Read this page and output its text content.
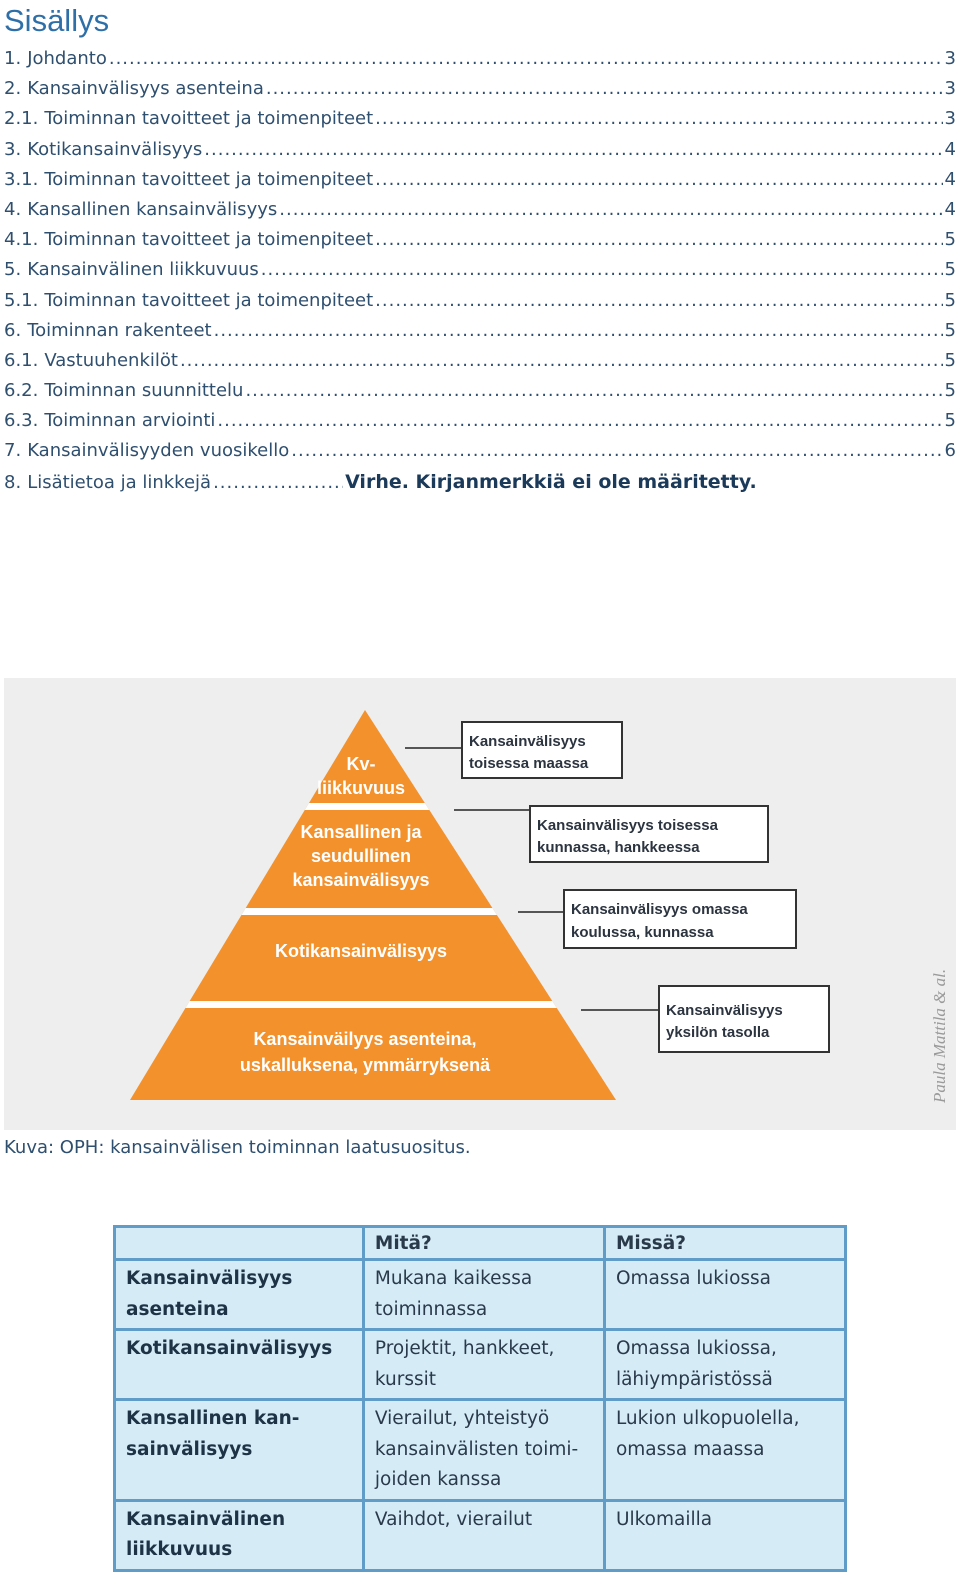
Sisällys
1. Johdanto .....	3
2. Kansainvälisyys asenteina .....	3
2.1. Toiminnan tavoitteet ja toimenpiteet .....	3
3. Kotikansainvälisyys .....	4
3.1. Toiminnan tavoitteet ja toimenpiteet .....	4
4. Kansallinen kansainvälisyys .....	4
4.1. Toiminnan tavoitteet ja toimenpiteet .....	5
5. Kansainvälinen liikkuvuus .....	5
5.1. Toiminnan tavoitteet ja toimenpiteet .....	5
6. Toiminnan rakenteet .....	5
6.1. Vastuuhenkilöt .....	5
6.2. Toiminnan suunnittelu .....	5
6.3. Toiminnan arviointi .....	5
7. Kansainvälisyyden vuosikello .....	6
8. Lisätietoa ja linkkejä .....	Virhe. Kirjanmerkkiä ei ole määritetty.
Kv-
liikkuvuus
Kansallinen ja
seudullinen
kansainvälisyys
Kotikansainvälisyys
Kansainväilyys asenteina,
uskalluksena, ymmärryksenä
Kansainvälisyys
toisessa maassa
Kansainvälisyys toisessa
kunnassa, hankkeessa
Kansainvälisyys omassa
koulussa, kunnassa
Kansainvälisyys
yksilön tasolla	Paula Mattila & al.

Kuva: OPH: kansainvälisen toiminnan laatusuositus.

	Mitä?	Missä?
Kansainvälisyys asenteina	Mukana kaikessa toiminnassa	Omassa lukiossa
Kotikansainvälisyys	Projektit, hankkeet, kurssit	Omassa lukiossa, lähiympäristössä
Kansallinen kan-sainvälisyys	Vierailut, yhteistyö kansainvälisten toimi-joiden kanssa	Lukion ulkopuolella, omassa maassa
Kansainvälinen liikkuvuus	Vaihdot, vierailut	Ulkomailla
